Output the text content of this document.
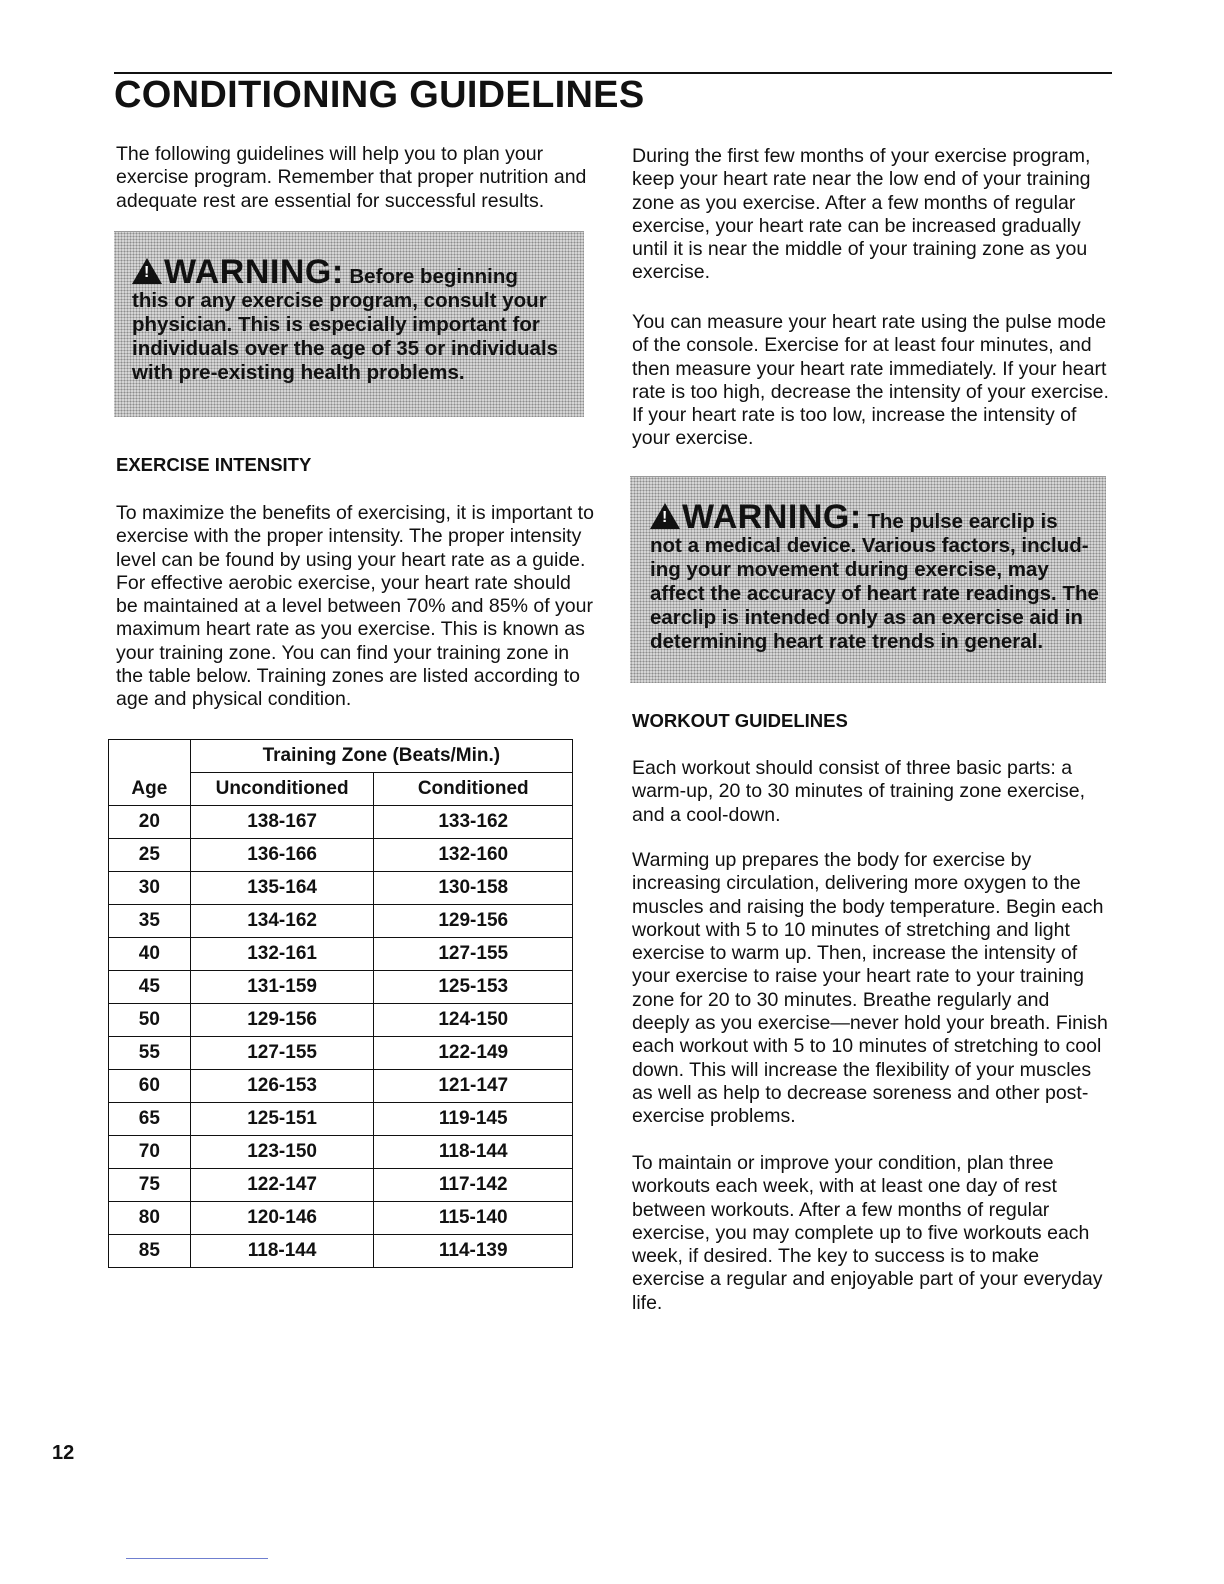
CONDITIONING GUIDELINES

The following guidelines will help you to plan your exercise program. Remember that proper nutrition and adequate rest are essential for successful results.

!WARNING: Before beginning
this or any exercise program, consult your
physician. This is especially important for
individuals over the age of 35 or individuals
with pre-existing health problems.

EXERCISE INTENSITY

To maximize the benefits of exercising, it is important to exercise with the proper intensity. The proper intensity level can be found by using your heart rate as a guide. For effective aerobic exercise, your heart rate should be maintained at a level between 70% and 85% of your maximum heart rate as you exercise. This is known as your training zone. You can find your training zone in the table below. Training zones are listed according to age and physical condition.

	Training Zone (Beats/Min.)	
Age	Unconditioned	Conditioned
20	138-167	133-162
25	136-166	132-160
30	135-164	130-158
35	134-162	129-156
40	132-161	127-155
45	131-159	125-153
50	129-156	124-150
55	127-155	122-149
60	126-153	121-147
65	125-151	119-145
70	123-150	118-144
75	122-147	117-142
80	120-146	115-140
85	118-144	114-139

During the first few months of your exercise program, keep your heart rate near the low end of your training zone as you exercise. After a few months of regular exercise, your heart rate can be increased gradually until it is near the middle of your training zone as you exercise.

You can measure your heart rate using the pulse mode of the console. Exercise for at least four minutes, and then measure your heart rate immediately. If your heart rate is too high, decrease the intensity of your exercise. If your heart rate is too low, increase the intensity of your exercise.

!WARNING: The pulse earclip is
not a medical device. Various factors, includ-
ing your movement during exercise, may
affect the accuracy of heart rate readings. The
earclip is intended only as an exercise aid in
determining heart rate trends in general.

WORKOUT GUIDELINES

Each workout should consist of three basic parts: a warm-up, 20 to 30 minutes of training zone exercise, and a cool-down.

Warming up prepares the body for exercise by increasing circulation, delivering more oxygen to the muscles and raising the body temperature. Begin each workout with 5 to 10 minutes of stretching and light exercise to warm up. Then, increase the intensity of your exercise to raise your heart rate to your training zone for 20 to 30 minutes. Breathe regularly and deeply as you exercise—never hold your breath. Finish each workout with 5 to 10 minutes of stretching to cool down. This will increase the flexibility of your muscles as well as help to decrease soreness and other post-exercise problems.

To maintain or improve your condition, plan three workouts each week, with at least one day of rest between workouts. After a few months of regular exercise, you may complete up to five workouts each week, if desired. The key to success is to make exercise a regular and enjoyable part of your everyday life.

12
